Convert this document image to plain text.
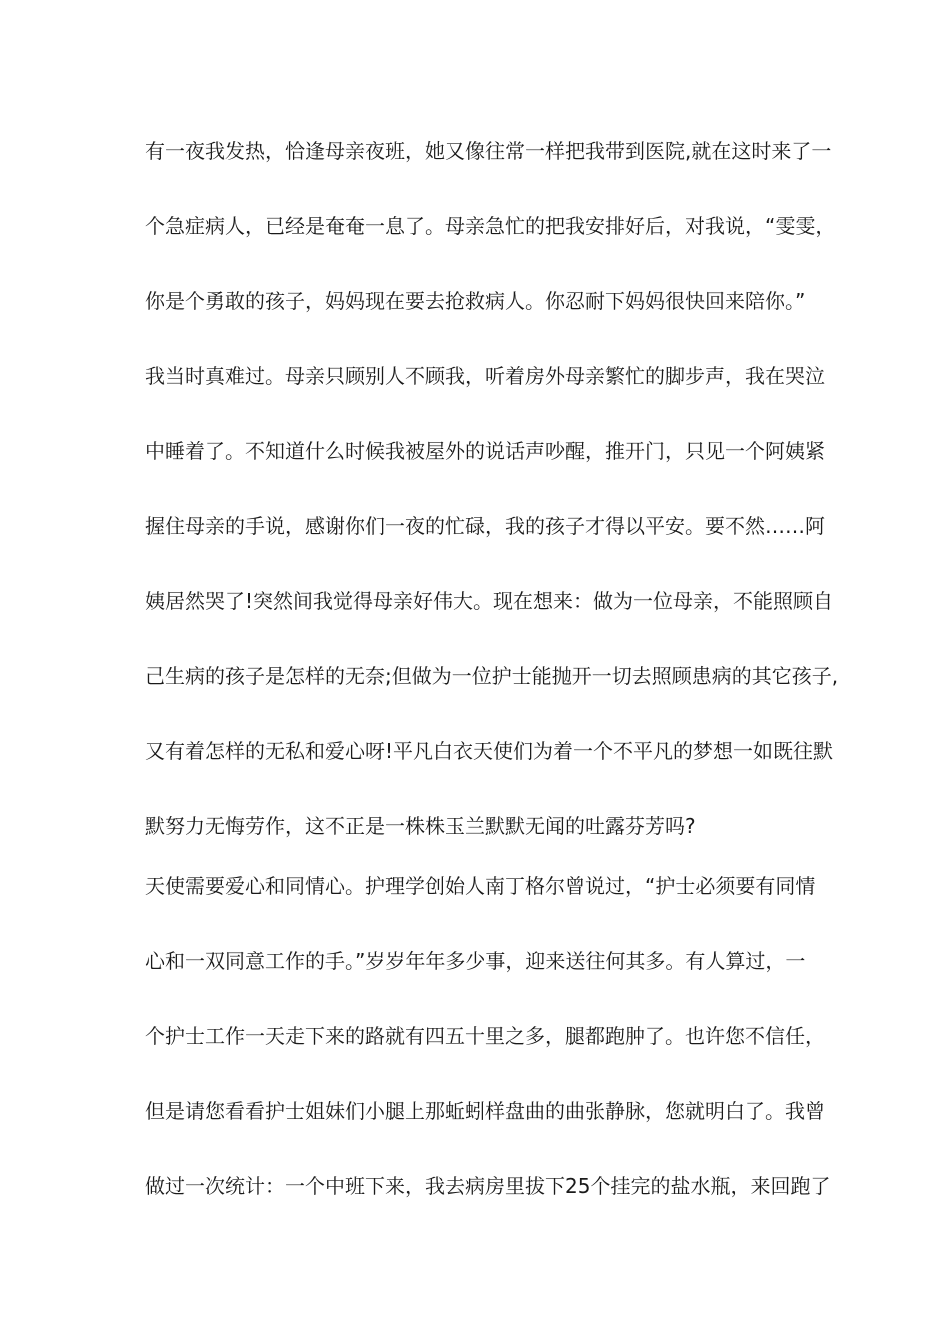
有一夜我发热，恰逢母亲夜班，她又像往常一样把我带到医院,就在这时来了一
个急症病人，已经是奄奄一息了。母亲急忙的把我安排好后，对我说，“雯雯，
你是个勇敢的孩子，妈妈现在要去抢救病人。你忍耐下妈妈很快回来陪你。”
我当时真难过。母亲只顾别人不顾我，听着房外母亲繁忙的脚步声，我在哭泣
中睡着了。不知道什么时候我被屋外的说话声吵醒，推开门，只见一个阿姨紧
握住母亲的手说，感谢你们一夜的忙碌，我的孩子才得以平安。要不然……阿
姨居然哭了!突然间我觉得母亲好伟大。现在想来：做为一位母亲，不能照顾自
己生病的孩子是怎样的无奈;但做为一位护士能抛开一切去照顾患病的其它孩子,
又有着怎样的无私和爱心呀!平凡白衣天使们为着一个不平凡的梦想一如既往默
默努力无悔劳作，这不正是一株株玉兰默默无闻的吐露芬芳吗?
天使需要爱心和同情心。护理学创始人南丁格尔曾说过，“护士必须要有同情
心和一双同意工作的手。”岁岁年年多少事，迎来送往何其多。有人算过，一
个护士工作一天走下来的路就有四五十里之多，腿都跑肿了。也许您不信任，
但是请您看看护士姐妹们小腿上那蚯蚓样盘曲的曲张静脉，您就明白了。我曾
做过一次统计：一个中班下来，我去病房里拔下25个挂完的盐水瓶，来回跑了
